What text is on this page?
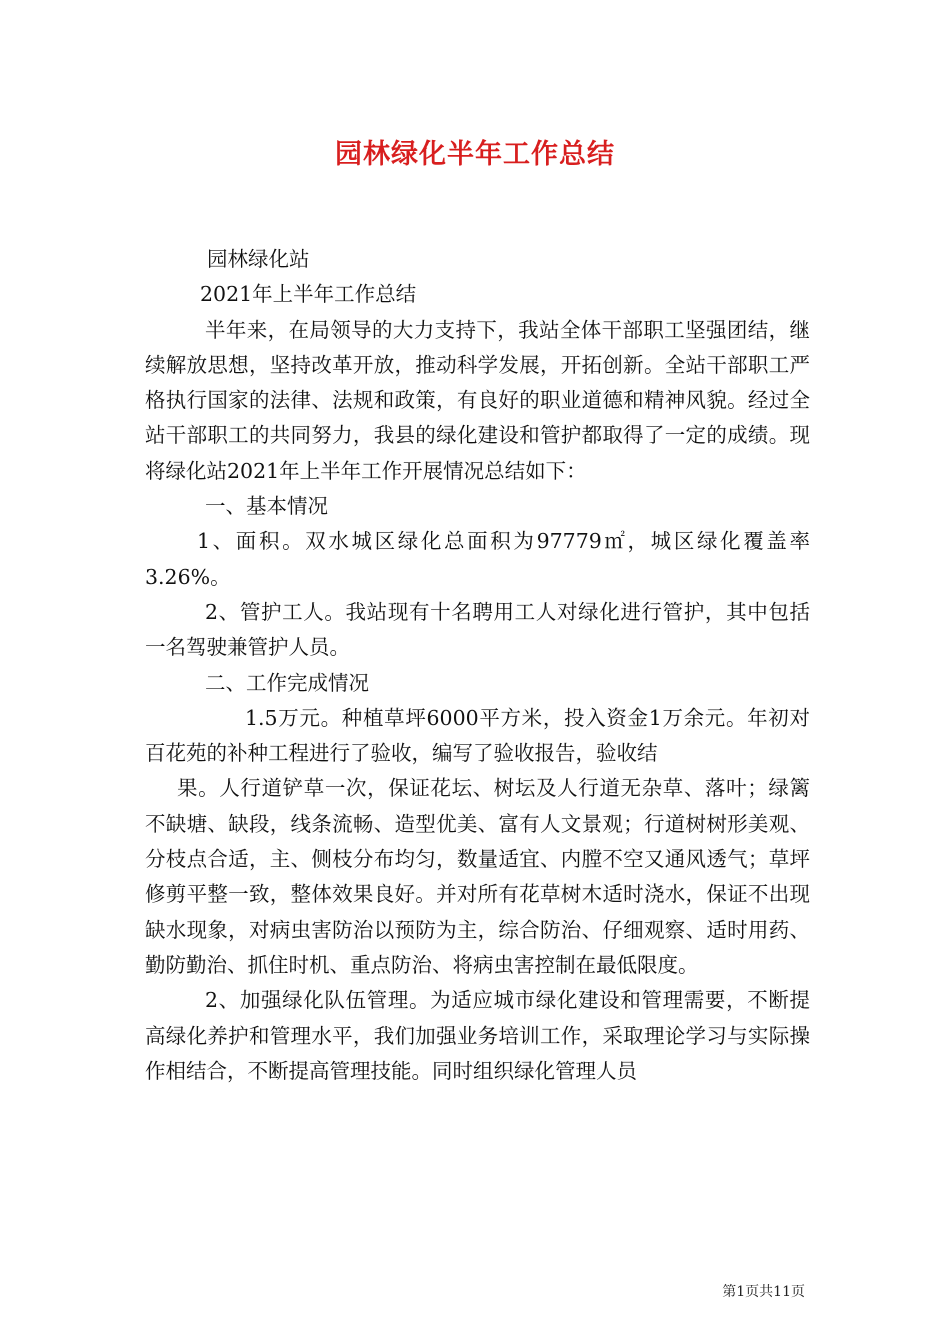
园林绿化半年工作总结

园林绿化站

2021年上半年工作总结

半年来，在局领导的大力支持下，我站全体干部职工坚强团结，继续解放思想，坚持改革开放，推动科学发展，开拓创新。全站干部职工严格执行国家的法律、法规和政策，有良好的职业道德和精神风貌。经过全站干部职工的共同努力，我县的绿化建设和管护都取得了一定的成绩。现将绿化站2021年上半年工作开展情况总结如下：

一、基本情况

1、面积。双水城区绿化总面积为97779㎡，城区绿化覆盖率3.26%。

2、管护工人。我站现有十名聘用工人对绿化进行管护，其中包括一名驾驶兼管护人员。

二、工作完成情况

1.5万元。种植草坪6000平方米，投入资金1万余元。年初对百花苑的补种工程进行了验收，编写了验收报告，验收结

果。人行道铲草一次，保证花坛、树坛及人行道无杂草、落叶；绿篱不缺塘、缺段，线条流畅、造型优美、富有人文景观；行道树树形美观、分枝点合适，主、侧枝分布均匀，数量适宜、内膛不空又通风透气；草坪修剪平整一致，整体效果良好。并对所有花草树木适时浇水，保证不出现缺水现象，对病虫害防治以预防为主，综合防治、仔细观察、适时用药、勤防勤治、抓住时机、重点防治、将病虫害控制在最低限度。

2、加强绿化队伍管理。为适应城市绿化建设和管理需要，不断提高绿化养护和管理水平，我们加强业务培训工作，采取理论学习与实际操作相结合，不断提高管理技能。同时组织绿化管理人员

第1页共11页
